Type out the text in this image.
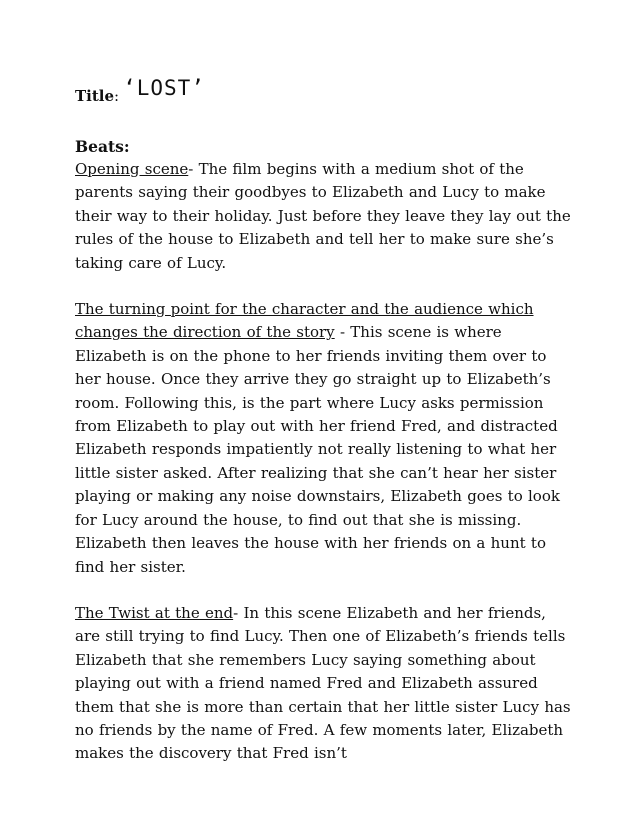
Title : ‘LOST’
Beats:

Opening scene- The film begins with a medium shot of the parents saying their goodbyes to Elizabeth and Lucy to make their way to their holiday. Just before they leave they lay out the rules of the house to Elizabeth and tell her to make sure she’s taking care of Lucy.

The turning point for the character and the audience which changes the direction of the story - This scene is where Elizabeth is on the phone to her friends inviting them over to her house. Once they arrive they go straight up to Elizabeth’s room. Following this, is the part where Lucy asks permission from Elizabeth to play out with her friend Fred, and distracted Elizabeth responds impatiently not really listening to what her little sister asked. After realizing that she can’t hear her sister playing or making any noise downstairs, Elizabeth goes to look for Lucy around the house, to find out that she is missing. Elizabeth then leaves the house with her friends on a hunt to find her sister.

The Twist at the end- In this scene Elizabeth and her friends, are still trying to find Lucy. Then one of Elizabeth’s friends tells Elizabeth that she remembers Lucy saying something about playing out with a friend named Fred and Elizabeth assured them that she is more than certain that her little sister Lucy has no friends by the name of Fred. A few moments later, Elizabeth makes the discovery that Fred isn’t
